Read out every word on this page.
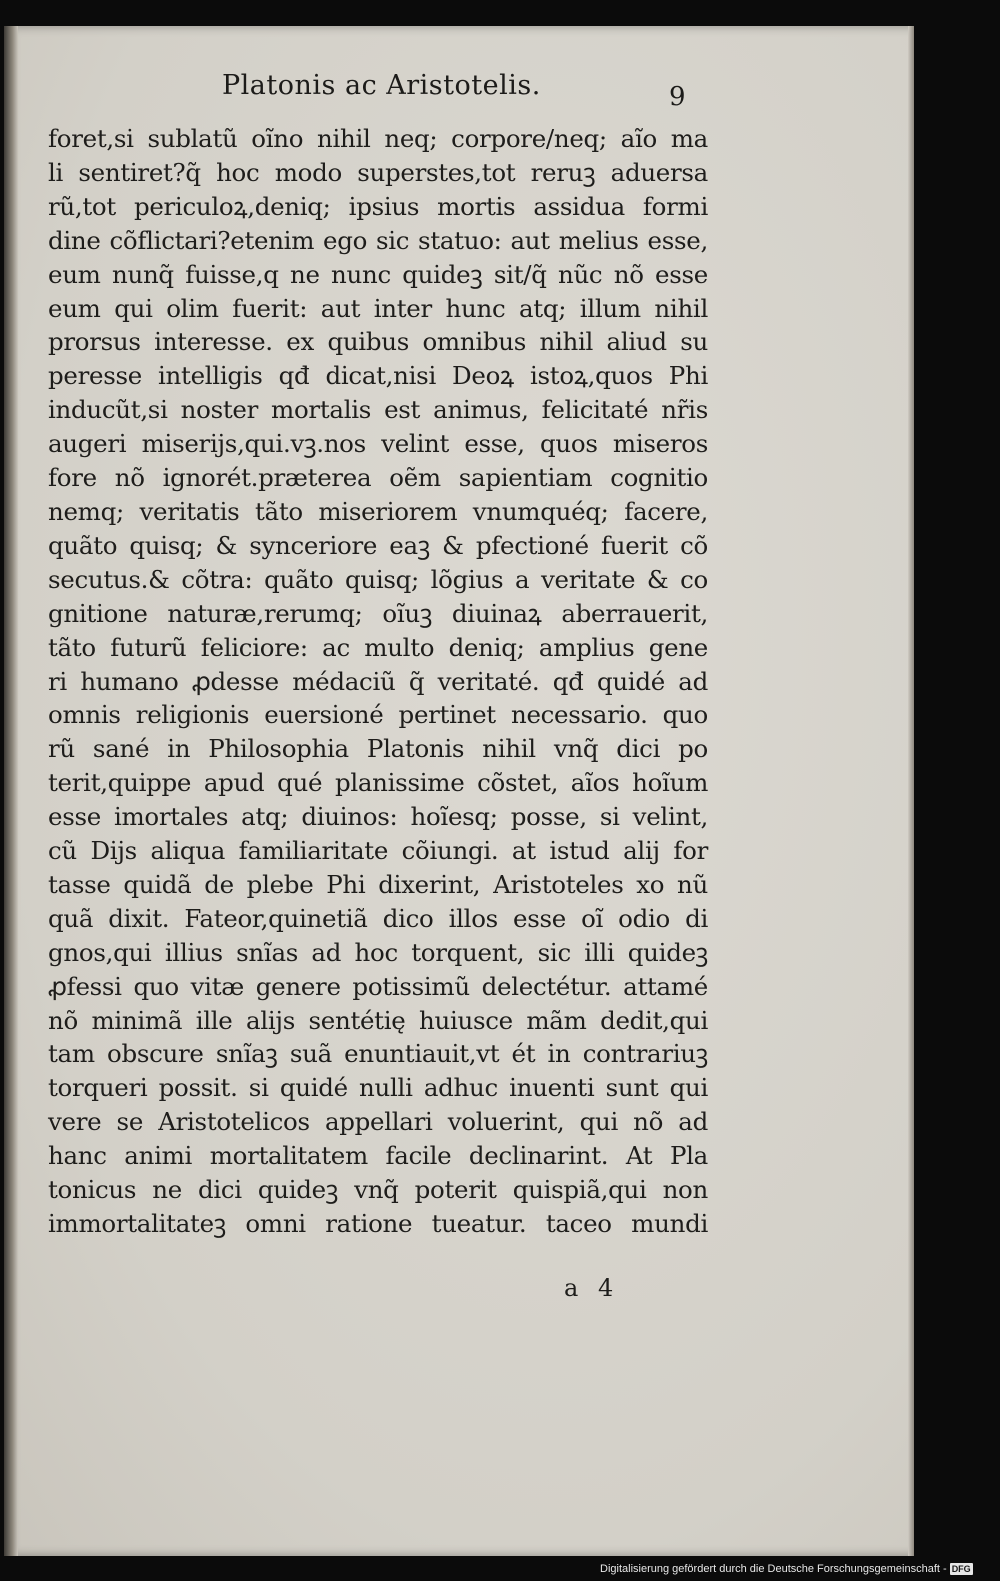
Platonis ac Aristotelis.	9

foret,si sublatũ oĩno nihil neq; corpore/neq; aĩo ma

li sentiret?q̃ hoc modo superstes,tot reruꝫ aduersa

rũ,tot periculoꝝ,deniq; ipsius mortis assidua formi

dine cõflictari?etenim ego sic statuo: aut melius esse,

eum nunq̃ fuisse,q ne nunc quideꝫ sit/q̃ nũc nõ esse

eum qui olim fuerit: aut inter hunc atq; illum nihil

prorsus interesse. ex quibus omnibus nihil aliud su

peresse intelligis qđ dicat,nisi Deoꝝ istoꝝ,quos Phi

inducũt,si noster mortalis est animus, felicitaté nr̃is

augeri miserijs,qui.vꝫ.nos velint esse, quos miseros

fore nõ ignorét.præterea oẽm sapientiam cognitio

nemq; veritatis tãto miseriorem vnumquéq; facere,

quãto quisq; & synceriore eaꝫ & pfectioné fuerit cõ

secutus.& cõtra: quãto quisq; lõgius a veritate & co

gnitione naturæ,rerumq; oĩuꝫ diuinaꝝ aberrauerit,

tãto futurũ feliciore: ac multo deniq; amplius gene

ri humano ꝓdesse médaciũ q̃ veritaté. qđ quidé ad

omnis religionis euersioné pertinet necessario. quo

rũ sané in Philosophia Platonis nihil vnq̃ dici po

terit,quippe apud qué planissime cõstet, aĩos hoĩum

esse imortales atq; diuinos: hoĩesq; posse, si velint,

cũ Dijs aliqua familiaritate cõiungi. at istud alij for

tasse quidã de plebe Phi dixerint, Aristoteles xo nũ

quã dixit. Fateor,quinetiã dico illos esse oĩ odio di

gnos,qui illius snĩas ad hoc torquent, sic illi quideꝫ

ꝓfessi quo vitæ genere potissimũ delectétur. attamé

nõ minimã ille alijs sentétię huiusce mãm dedit,qui

tam obscure snĩaꝫ suã enuntiauit,vt ét in contrariuꝫ

torqueri possit. si quidé nulli adhuc inuenti sunt qui

vere se Aristotelicos appellari voluerint, qui nõ ad

hanc animi mortalitatem facile declinarint. At Pla

tonicus ne dici quideꝫ vnq̃ poterit quispiã,qui non

immortalitateꝫ omni ratione tueatur. taceo mundi

a 4
Digitalisierung gefördert durch die Deutsche Forschungsgemeinschaft - DFG
